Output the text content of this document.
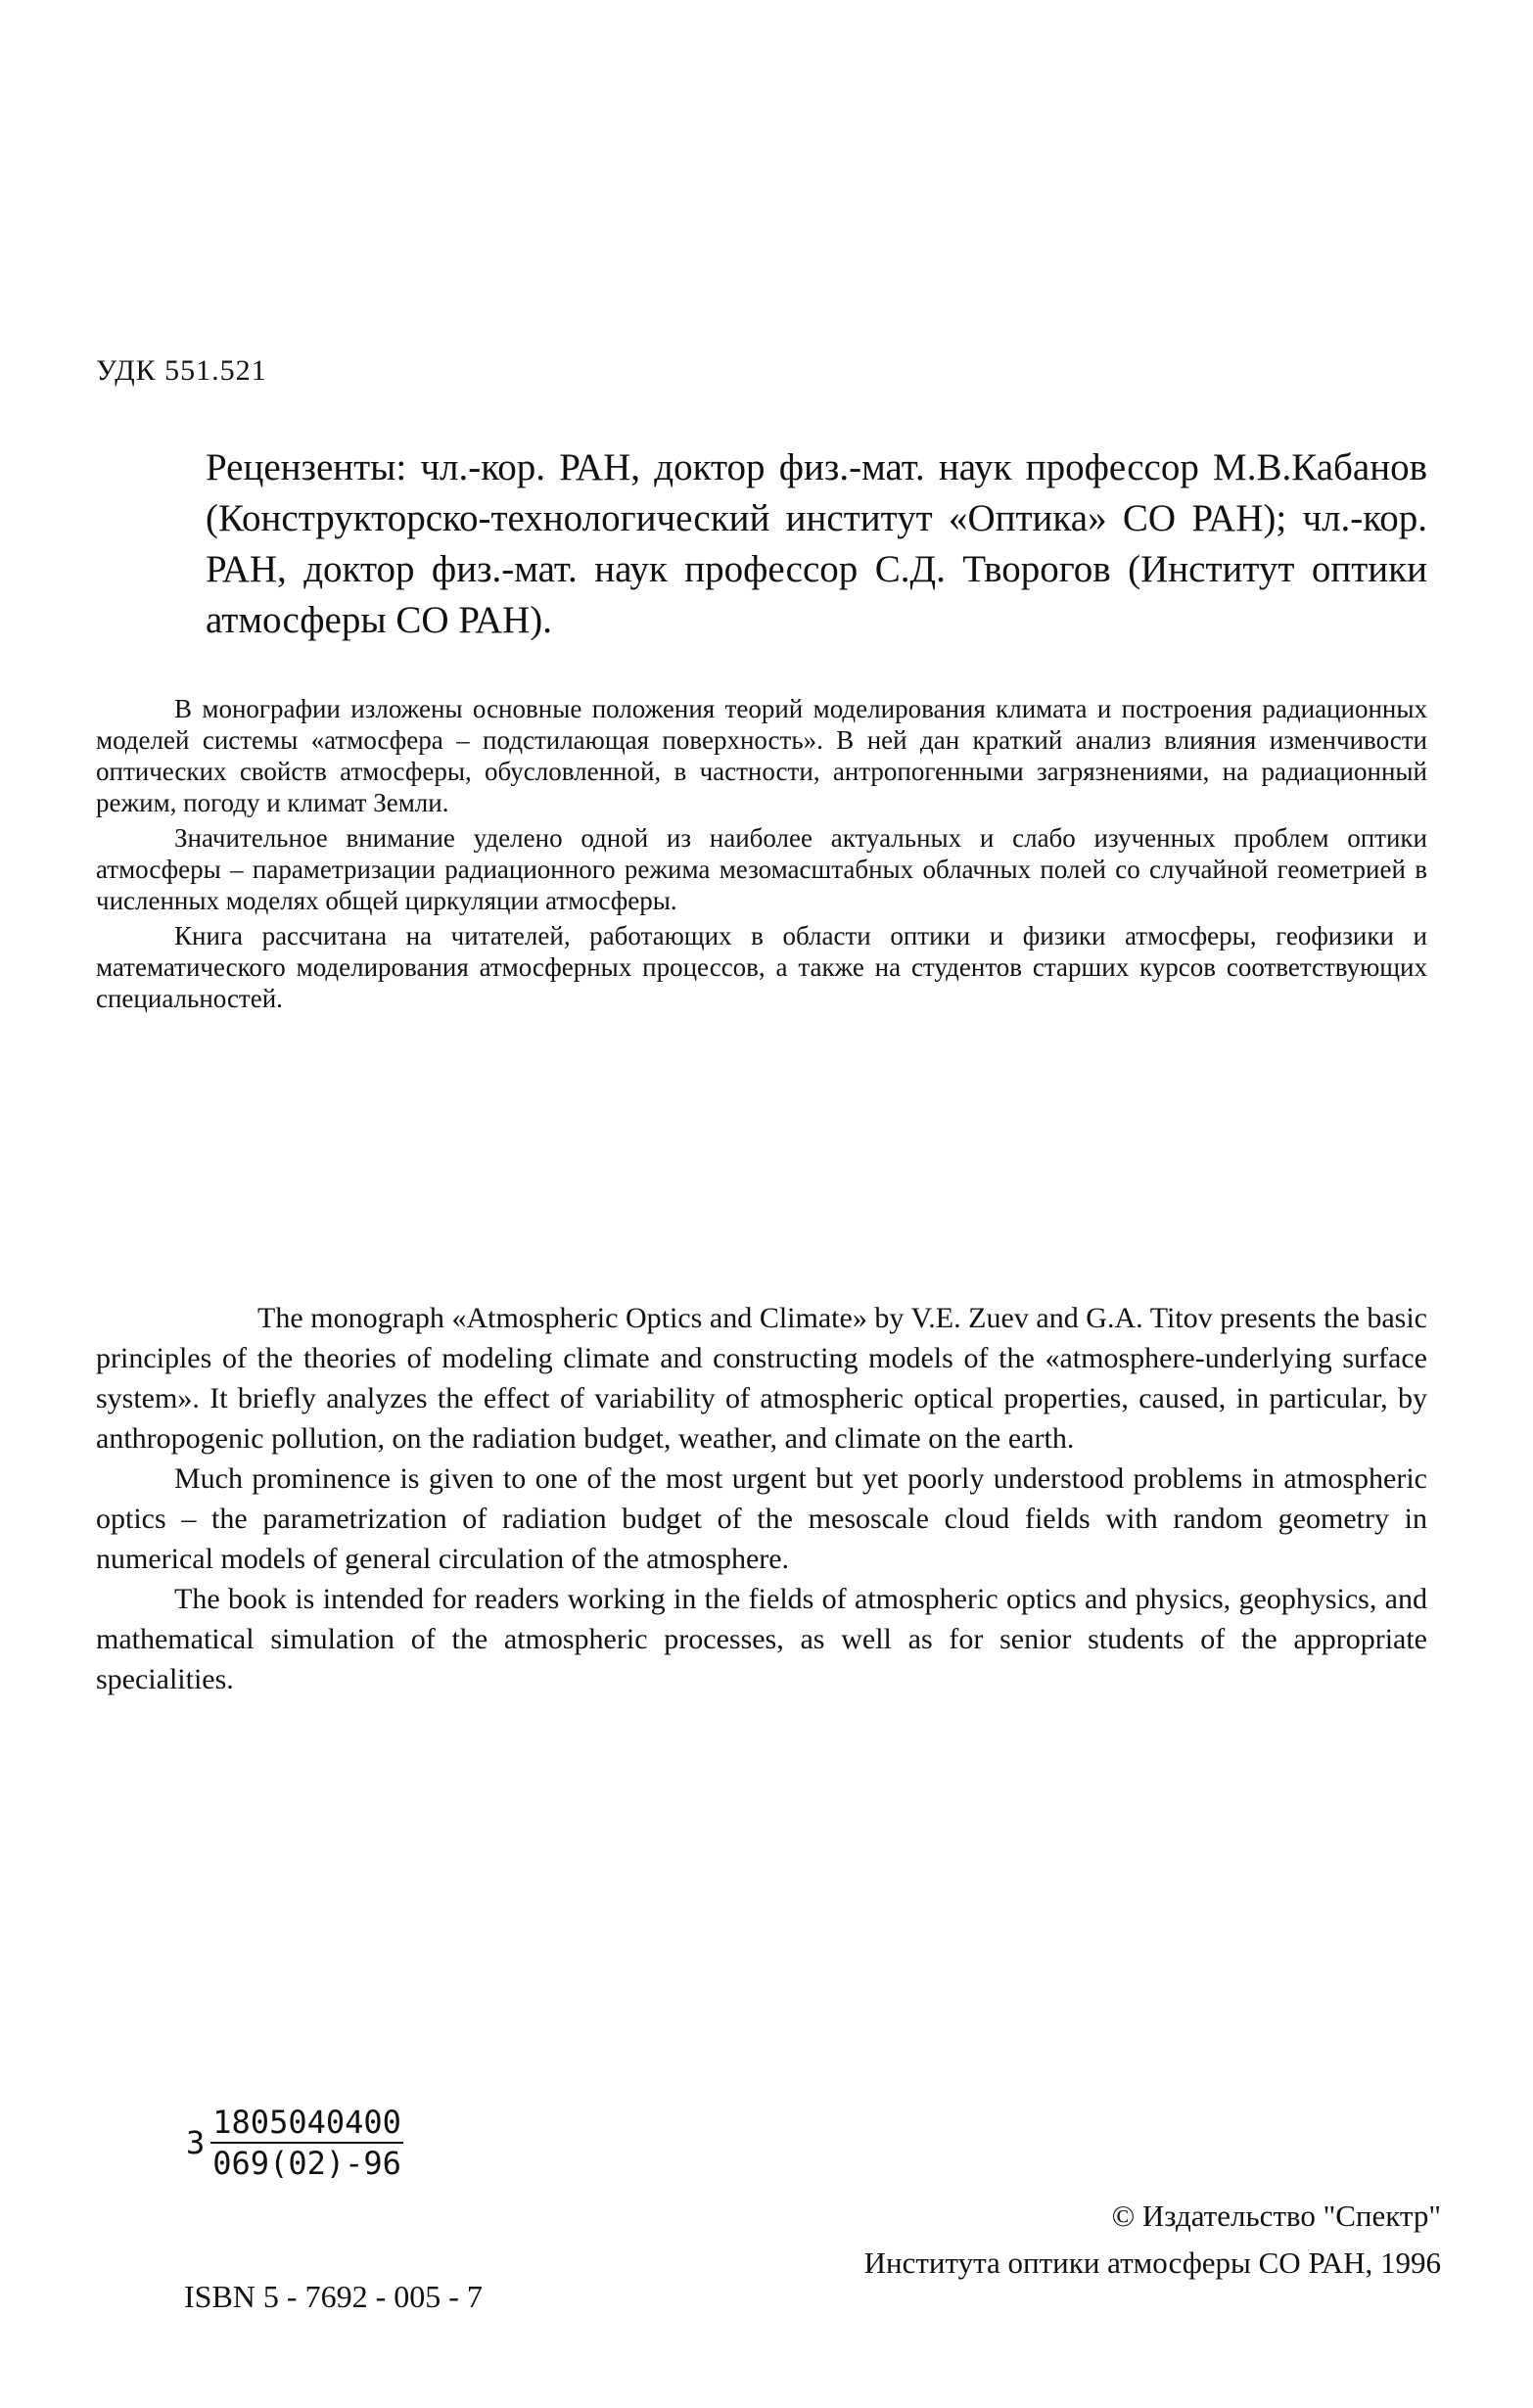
УДК 551.521
Рецензенты: чл.-кор. РАН, доктор физ.-мат. наук профессор М.В.Кабанов (Конструкторско-технологический институт «Оптика» СО РАН); чл.-кор. РАН, доктор физ.-мат. наук профессор С.Д. Творогов (Институт оптики атмосферы СО РАН).

В монографии изложены основные положения теорий моделирования климата и построения радиационных моделей системы «атмосфера – подстилающая поверхность». В ней дан краткий анализ влияния изменчивости оптических свойств атмосферы, обусловленной, в частности, антропогенными загрязнениями, на радиационный режим, погоду и климат Земли.

Значительное внимание уделено одной из наиболее актуальных и слабо изученных проблем оптики атмосферы – параметризации радиационного режима мезомасштабных облачных полей со случайной геометрией в численных моделях общей циркуляции атмосферы.

Книга рассчитана на читателей, работающих в области оптики и физики атмосферы, геофизики и математического моделирования атмосферных процессов, а также на студентов старших курсов соответствующих специальностей.

The monograph «Atmospheric Optics and Climate» by V.E. Zuev and G.A. Titov presents the basic principles of the theories of modeling climate and constructing models of the «atmosphere-underlying surface system». It briefly analyzes the effect of variability of atmospheric optical properties, caused, in particular, by anthropogenic pollution, on the radiation budget, weather, and climate on the earth.

Much prominence is given to one of the most urgent but yet poorly understood problems in atmospheric optics – the parametrization of radiation budget of the mesoscale cloud fields with random geometry in numerical models of general circulation of the atmosphere.

The book is intended for readers working in the fields of atmospheric optics and physics, geophysics, and mathematical simulation of the atmospheric processes, as well as for senior students of the appropriate specialities.

З $\frac{1805040400}{069(02)-96}$
ISBN 5 - 7692 - 005 - 7
© Издательство "Спектр"
Института оптики атмосферы СО РАН, 1996
